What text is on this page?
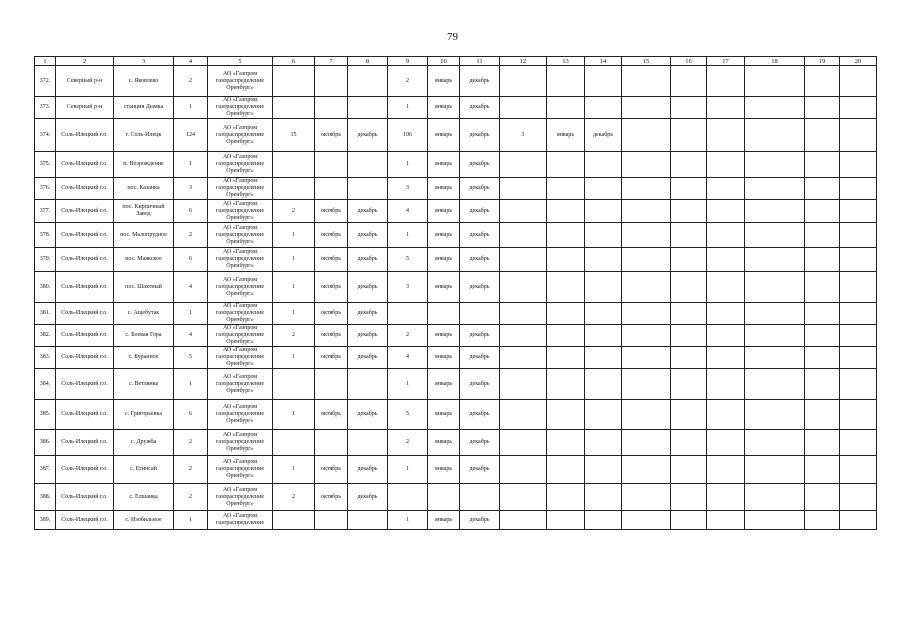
79
1	2	3	4	5	6	7	8	9	10	11	12	13	14	15	16	17	18	19	20
372.	Северный р-н	с. Яковлево	2	АО «Газпром газораспределение Оренбург»				2	январь	декабрь									
373.	Северный р-н	станция Дымка	1	АО «Газпром газораспределение Оренбург»				1	январь	декабрь									
374.	Соль-Илецкий г.о.	г. Соль-Илецк	124	АО «Газпром газораспределение Оренбург»	15	октябрь	декабрь	106	январь	декабрь	3	январь	декабрь						
375.	Соль-Илецкий г.о.	п. Возрождение	1	АО «Газпром газораспределение Оренбург»				1	январь	декабрь									
376.	Соль-Илецкий г.о.	пос. Казанка	3	АО «Газпром газораспределение Оренбург»				3	январь	декабрь									
377.	Соль-Илецкий г.о.	пос. Кирпичный Завод	6	АО «Газпром газораспределение Оренбург»	2	октябрь	декабрь	4	январь	декабрь									
378.	Соль-Илецкий г.о.	пос. Малопрудное	2	АО «Газпром газораспределение Оренбург»	1	октябрь	декабрь	1	январь	декабрь									
379.	Соль-Илецкий г.о.	пос. Маякское	6	АО «Газпром газораспределение Оренбург»	1	октябрь	декабрь	5	январь	декабрь									
380.	Соль-Илецкий г.о.	пос. Шахтный	4	АО «Газпром газораспределение Оренбург»	1	октябрь	декабрь	3	январь	декабрь									
381.	Соль-Илецкий г.о.	с. Ащебутак	1	АО «Газпром газораспределение Оренбург»	1	октябрь	декабрь												
382.	Соль-Илецкий г.о.	с. Боевая Гора	4	АО «Газпром газораспределение Оренбург»	2	октябрь	декабрь	2	январь	декабрь									
383.	Соль-Илецкий г.о.	с. Буранное	5	АО «Газпром газораспределение Оренбург»	1	октябрь	декабрь	4	январь	декабрь									
384.	Соль-Илецкий г.о.	с. Ветлянка	1	АО «Газпром газораспределение Оренбург»				1	январь	декабрь									
385.	Соль-Илецкий г.о.	с. Григорьевка	6	АО «Газпром газораспределение Оренбург»	1	октябрь	декабрь	5	январь	декабрь									
386.	Соль-Илецкий г.о.	с. Дружба	2	АО «Газпром газораспределение Оренбург»				2	январь	декабрь									
387.	Соль-Илецкий г.о.	с. Егинсай	2	АО «Газпром газораспределение Оренбург»	1	октябрь	декабрь	1	январь	декабрь									
388.	Соль-Илецкий г.о.	с. Елшанка	2	АО «Газпром газораспределение Оренбург»	2	октябрь	декабрь												
389.	Соль-Илецкий г.о.	с. Изобильное	1	АО «Газпром газораспределение				1	январь	декабрь									
